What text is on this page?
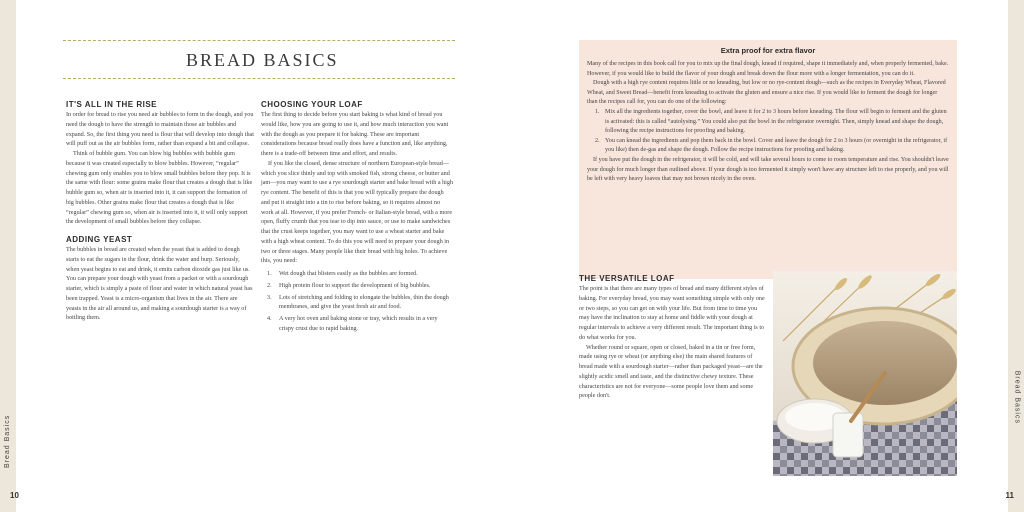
Bread Basics
10
Bread Basics
11
BREAD BASICS
IT'S ALL IN THE RISE

In order for bread to rise you need air bubbles to form in the dough, and you need the dough to have the strength to maintain those air bubbles and expand. So, the first thing you need is flour that will develop into dough that will puff out as the air bubbles form, rather than expand a bit and collapse.

Think of bubble gum. You can blow big bubbles with bubble gum because it was created especially to blow bubbles. However, “regular” chewing gum only enables you to blow small bubbles before they pop. It is the same with flour: some grains make flour that creates a dough that is like bubble gum so, when air is inserted into it, it can support the formation of big bubbles. Other grains make flour that creates a dough that is like “regular” chewing gum so, when air is inserted into it, it will only support the development of small bubbles before they collapse.

ADDING YEAST

The bubbles in bread are created when the yeast that is added to dough starts to eat the sugars in the flour, drink the water and burp. Seriously, when yeast begins to eat and drink, it emits carbon dioxide gas just like us. You can prepare your dough with yeast from a packet or with a sourdough starter, which is simply a paste of flour and water in which natural yeast has been trapped. Yeast is a micro-organism that lives in the air. There are yeasts in the air all around us, and making a sourdough starter is a way of bottling them.

CHOOSING YOUR LOAF

The first thing to decide before you start baking is what kind of bread you would like, how you are going to use it, and how much interaction you want with the dough as you prepare it for baking. These are important considerations because bread really does have a function and, like anything, there is a trade-off between time and effort, and results.

If you like the closed, dense structure of northern European-style bread—which you slice thinly and top with smoked fish, strong cheese, or butter and jam—you may want to use a rye sourdough starter and bake bread with a high rye content. The benefit of this is that you will typically prepare the dough and put it straight into a tin to rise before baking, so it requires almost no work at all. However, if you prefer French- or Italian-style bread, with a more open, fluffy crumb that you tear to dip into sauce, or use to make sandwiches that the crust keeps together, you may want to use a wheat starter and bake with a high wheat content. To do this you will need to prepare your dough in two or three stages. Many people like their bread with big holes. To achieve this, you need:

1. Wet dough that blisters easily as the bubbles are formed.
2. High protein flour to support the development of big bubbles.
3. Lots of stretching and folding to elongate the bubbles, thin the dough membranes, and give the yeast fresh air and food.
4. A very hot oven and baking stone or tray, which results in a very crispy crust due to rapid baking.
Extra proof for extra flavor

Many of the recipes in this book call for you to mix up the final dough, knead if required, shape it immediately and, when properly fermented, bake. However, if you would like to build the flavor of your dough and break down the flour more with a longer fermentation, you can do it.

Dough with a high rye content requires little or no kneading, but low or no rye-content dough—such as the recipes in Everyday Wheat, Flavored Wheat, and Sweet Bread—benefit from kneading to activate the gluten and ensure a nice rise. If you would like to ferment the dough for longer than the recipes call for, you can do one of the following:

1. Mix all the ingredients together, cover the bowl, and leave it for 2 to 3 hours before kneading. The flour will begin to ferment and the gluten is activated: this is called “autolysing.” You could also put the bowl in the refrigerator overnight. Then, simply knead and shape the dough, following the recipe instructions for proofing and baking.
2. You can knead the ingredients and pop them back in the bowl. Cover and leave the dough for 2 to 3 hours (or overnight in the refrigerator, if you like) then de-gas and shape the dough. Follow the recipe instructions for proofing and baking.

If you have put the dough in the refrigerator, it will be cold, and will take several hours to come to room temperature and rise. You shouldn't leave your dough for much longer than outlined above. If your dough is too fermented it simply won't have any structure left to rise properly, and you will be left with very heavy loaves that may not brown nicely in the oven.

THE VERSATILE LOAF

The point is that there are many types of bread and many different styles of baking. For everyday bread, you may want something simple with only one or two steps, so you can get on with your life. But from time to time you may have the inclination to stay at home and fiddle with your dough at regular intervals to achieve a very different result. The important thing is to do what works for you.

Whether round or square, open or closed, baked in a tin or free form, made using rye or wheat (or anything else) the main shared features of bread made with a sourdough starter—rather than packaged yeast—are the slightly acidic smell and taste, and the distinctive chewy texture. These characteristics are not for everyone—some people love them and some people don't.
